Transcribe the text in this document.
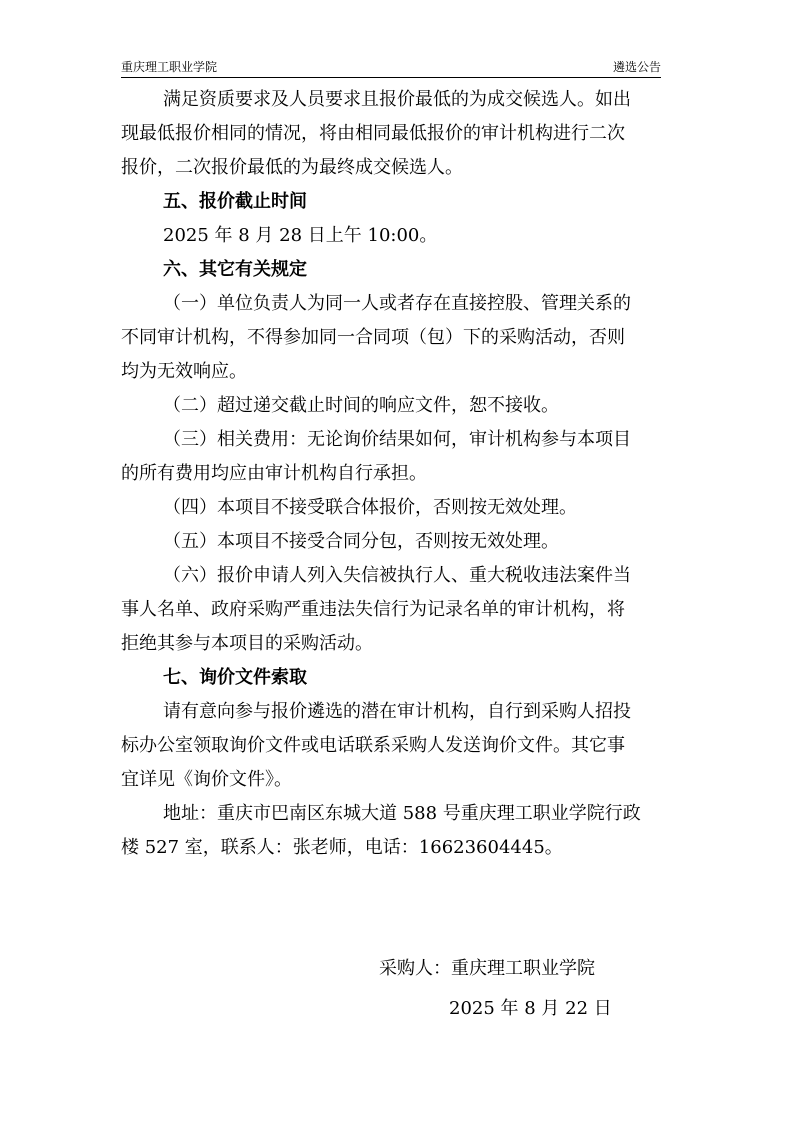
重庆理工职业学院	遴选公告

满足资质要求及人员要求且报价最低的为成交候选人。如出

现最低报价相同的情况，将由相同最低报价的审计机构进行二次

报价，二次报价最低的为最终成交候选人。

五、报价截止时间

2025 年 8 月 28 日上午 10:00。

六、其它有关规定

（一）单位负责人为同一人或者存在直接控股、管理关系的

不同审计机构，不得参加同一合同项（包）下的采购活动，否则

均为无效响应。

（二）超过递交截止时间的响应文件，恕不接收。

（三）相关费用：无论询价结果如何，审计机构参与本项目

的所有费用均应由审计机构自行承担。

（四）本项目不接受联合体报价，否则按无效处理。

（五）本项目不接受合同分包，否则按无效处理。

（六）报价申请人列入失信被执行人、重大税收违法案件当

事人名单、政府采购严重违法失信行为记录名单的审计机构，将

拒绝其参与本项目的采购活动。

七、询价文件索取

请有意向参与报价遴选的潜在审计机构，自行到采购人招投

标办公室领取询价文件或电话联系采购人发送询价文件。其它事

宜详见《询价文件》。

地址：重庆市巴南区东城大道 588 号重庆理工职业学院行政

楼 527 室，联系人：张老师，电话：16623604445。

采购人：重庆理工职业学院
2025 年 8 月 22 日
